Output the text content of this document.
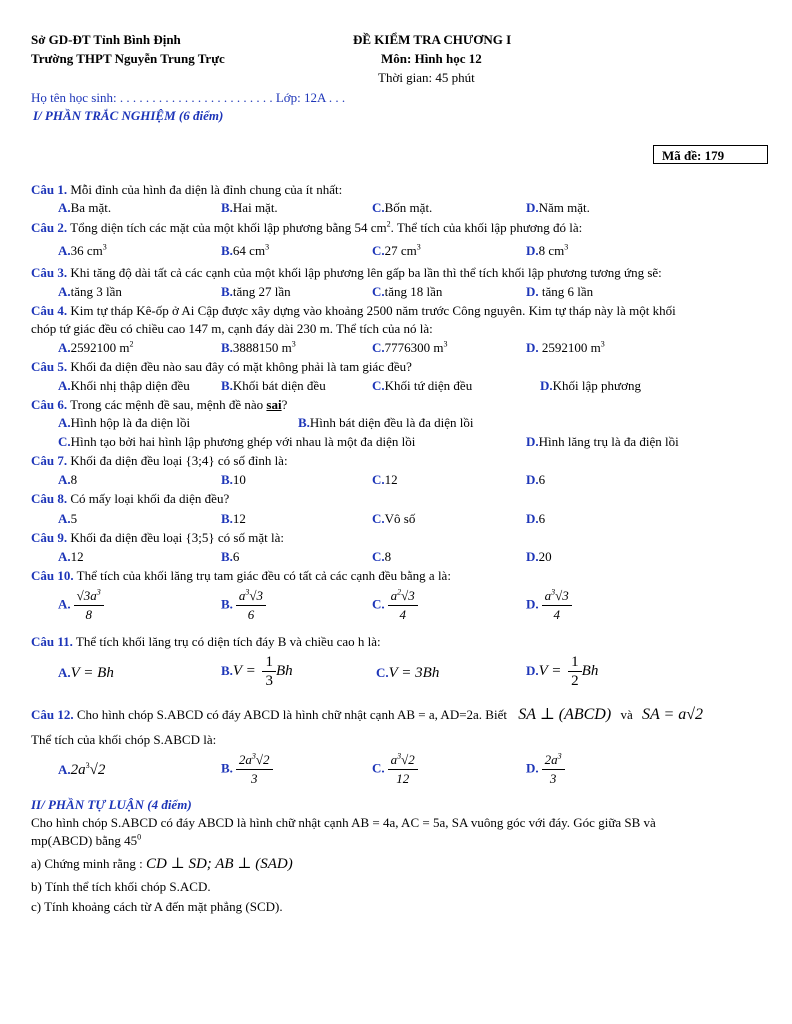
Sở GD-ĐT Tỉnh Bình Định
Trường THPT Nguyễn Trung Trực
ĐỀ KIỂM TRA CHƯƠNG I
Môn: Hình học 12
Thời gian: 45 phút
Họ tên học sinh: . . . . . . . . . . . . . . . . . . . . . . . . Lớp: 12A . . .
I/ PHẦN TRẮC NGHIỆM (6 điểm)
Mã đề: 179
Câu 1. Mỗi đỉnh của hình đa diện là đỉnh chung của ít nhất:
A.Ba mặt.	B.Hai mặt.	C.Bốn mặt.	D.Năm mặt.
Câu 2. Tổng diện tích các mặt của một khối lập phương bằng 54 $cm^2$. Thể tích của khối lập phương đó là:
A.36 $cm^3$	B.64 $cm^3$	C.27 $cm^3$	D.8 $cm^3$
Câu 3. Khi tăng độ dài tất cả các cạnh của một khối lập phương lên gấp ba lần thì thể tích khối lập phương tương ứng sẽ:
A.tăng 3 lần	B.tăng 27 lần	C.tăng 18 lần	D. tăng 6 lần
Câu 4. Kim tự tháp Kê-ốp ở Ai Cập được xây dựng vào khoảng 2500 năm trước Công nguyên. Kim tự tháp này là một khối
chóp tứ giác đều có chiều cao 147 m, cạnh đáy dài 230 m. Thể tích của nó là:
A.2592100 $m^2$	B.3888150 $m^3$	C.7776300 $m^3$	D. 2592100 $m^3$
Câu 5. Khối đa diện đều nào sau đây có mặt không phải là tam giác đều?
A.Khối nhị thập diện đều B.Khối bát diện đều	C.Khối tứ diện đều	D.Khối lập phương
Câu 6. Trong các mệnh đề sau, mệnh đề nào sai?
A.Hình hộp là đa diện lồi	B.Hình bát diện đều là đa diện lồi
C.Hình tạo bởi hai hình lập phương ghép với nhau là một đa diện lồi	D.Hình lăng trụ là đa điện lồi
Câu 7. Khối đa diện đều loại {3;4} có số đỉnh là:
A.8	B.10	C.12	D.6
Câu 8. Có mấy loại khối đa diện đều?
A.5	B.12	C.Vô số	D.6
Câu 9. Khối đa diện đều loại {3;5} có số mặt là:
A.12	B.6	C.8	D.20
Câu 10. Thể tích của khối lăng trụ tam giác đều có tất cả các cạnh đều bằng a là:
A. $\frac{√3a^3}{8}$	B. $\frac{a^3√3}{6}$	C. $\frac{a^2√3}{4}$	D. $\frac{a^3√3}{4}$
Câu 11. Thể tích khối lăng trụ có diện tích đáy B và chiều cao h là:
A.V = Bh	$B.V = \frac{1}{3}$ Bh	C.V = 3Bh	$D.V = \frac{1}{2}$ Bh
Câu 12. Cho hình chóp S.ABCD có đáy ABCD là hình chữ nhật cạnh AB = a, AD=2a. Biết SA ⊥ (ABCD) và SA = a√2
Thể tích của khối chóp S.ABCD là:
$A.2a^3√2$	B. $\frac{2a^3√2}{3}$	C. $\frac{a^3√2}{12}$	D. $\frac{2a^3}{3}$
II/ PHẦN TỰ LUẬN (4 điểm)
Cho hình chóp S.ABCD có đáy ABCD là hình chữ nhật cạnh AB = 4a, AC = 5a, SA vuông góc với đáy. Góc giữa SB và
mp(ABCD) bằng $45^0$
a) Chứng minh rằng : CD ⊥ SD; AB ⊥ (SAD)
b) Tính thể tích khối chóp S.ACD.
c) Tính khoảng cách từ A đến mặt phẳng (SCD).
